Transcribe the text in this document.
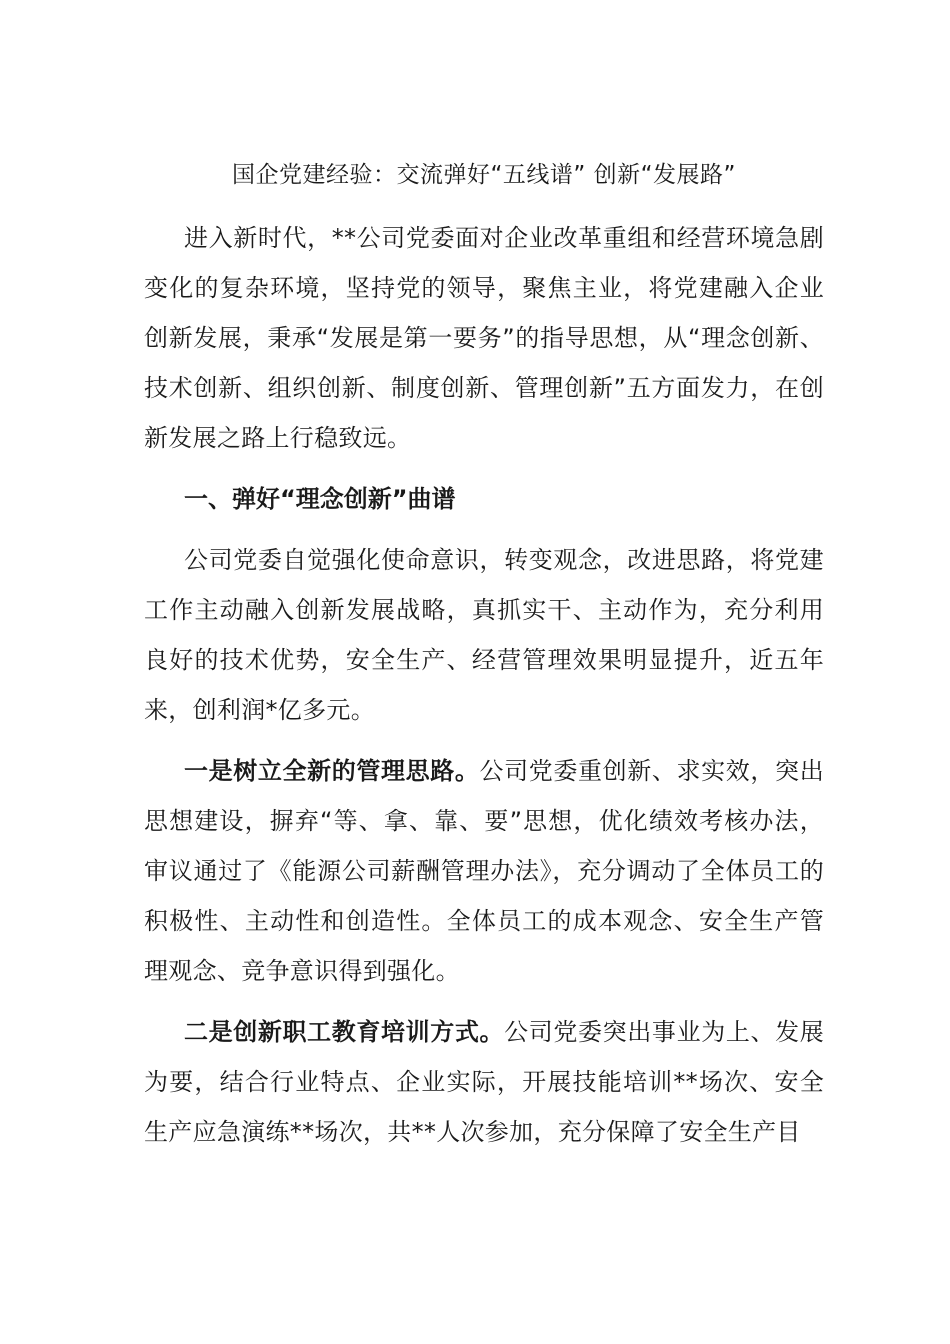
国企党建经验：交流弹好“五线谱” 创新“发展路”
进入新时代，**公司党委面对企业改革重组和经营环境急剧变化的复杂环境，坚持党的领导，聚焦主业，将党建融入企业创新发展，秉承“发展是第一要务”的指导思想，从“理念创新、技术创新、组织创新、制度创新、管理创新”五方面发力，在创新发展之路上行稳致远。
一、弹好“理念创新”曲谱
公司党委自觉强化使命意识，转变观念，改进思路，将党建工作主动融入创新发展战略，真抓实干、主动作为，充分利用良好的技术优势，安全生产、经营管理效果明显提升，近五年来，创利润*亿多元。
一是树立全新的管理思路。公司党委重创新、求实效，突出思想建设，摒弃“等、拿、靠、要”思想，优化绩效考核办法，审议通过了《能源公司薪酬管理办法》，充分调动了全体员工的积极性、主动性和创造性。全体员工的成本观念、安全生产管理观念、竞争意识得到强化。
二是创新职工教育培训方式。公司党委突出事业为上、发展为要，结合行业特点、企业实际，开展技能培训**场次、安全生产应急演练**场次，共**人次参加，充分保障了安全生产目
